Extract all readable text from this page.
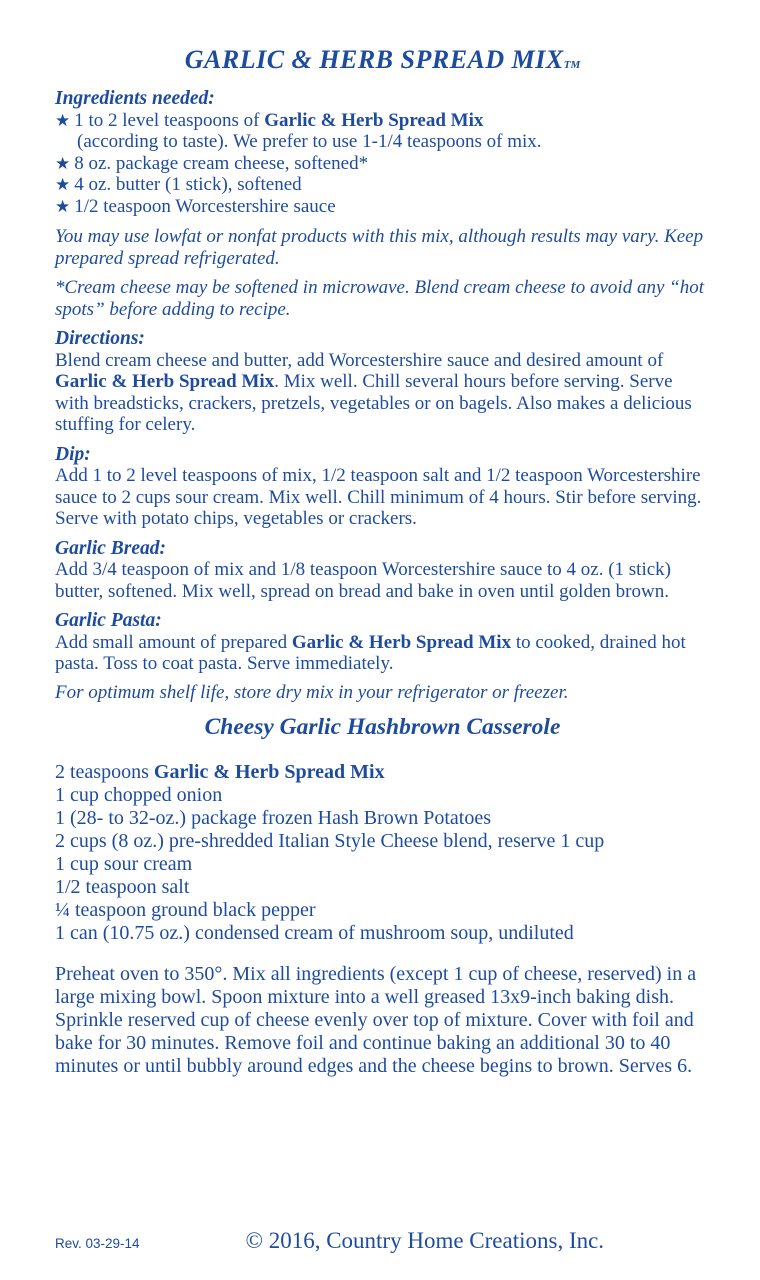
GARLIC & HERB SPREAD MIXTM
Ingredients needed:
★ 1 to 2 level teaspoons of Garlic & Herb Spread Mix
(according to taste). We prefer to use 1-1/4 teaspoons of mix.
★ 8 oz. package cream cheese, softened*
★ 4 oz. butter (1 stick), softened
★ 1/2 teaspoon Worcestershire sauce
You may use lowfat or nonfat products with this mix, although results may vary. Keep prepared spread refrigerated.
*Cream cheese may be softened in microwave. Blend cream cheese to avoid any “hot spots” before adding to recipe.
Directions:

Blend cream cheese and butter, add Worcestershire sauce and desired amount of Garlic & Herb Spread Mix. Mix well. Chill several hours before serving. Serve with breadsticks, crackers, pretzels, vegetables or on bagels. Also makes a delicious stuffing for celery.

Dip:

Add 1 to 2 level teaspoons of mix, 1/2 teaspoon salt and 1/2 teaspoon Worcestershire sauce to 2 cups sour cream. Mix well. Chill minimum of 4 hours. Stir before serving. Serve with potato chips, vegetables or crackers.

Garlic Bread:

Add 3/4 teaspoon of mix and 1/8 teaspoon Worcestershire sauce to 4 oz. (1 stick) butter, softened. Mix well, spread on bread and bake in oven until golden brown.

Garlic Pasta:

Add small amount of prepared Garlic & Herb Spread Mix to cooked, drained hot pasta. Toss to coat pasta. Serve immediately.

For optimum shelf life, store dry mix in your refrigerator or freezer.
Cheesy Garlic Hashbrown Casserole
2 teaspoons Garlic & Herb Spread Mix
1 cup chopped onion
1 (28- to 32-oz.) package frozen Hash Brown Potatoes
2 cups (8 oz.) pre-shredded Italian Style Cheese blend, reserve 1 cup
1 cup sour cream
1/2 teaspoon salt
¼ teaspoon ground black pepper
1 can (10.75 oz.) condensed cream of mushroom soup, undiluted

Preheat oven to 350°. Mix all ingredients (except 1 cup of cheese, reserved) in a large mixing bowl. Spoon mixture into a well greased 13x9-inch baking dish. Sprinkle reserved cup of cheese evenly over top of mixture. Cover with foil and bake for 30 minutes. Remove foil and continue baking an additional 30 to 40 minutes or until bubbly around edges and the cheese begins to brown. Serves 6.

Rev. 03-29-14	© 2016, Country Home Creations, Inc.
